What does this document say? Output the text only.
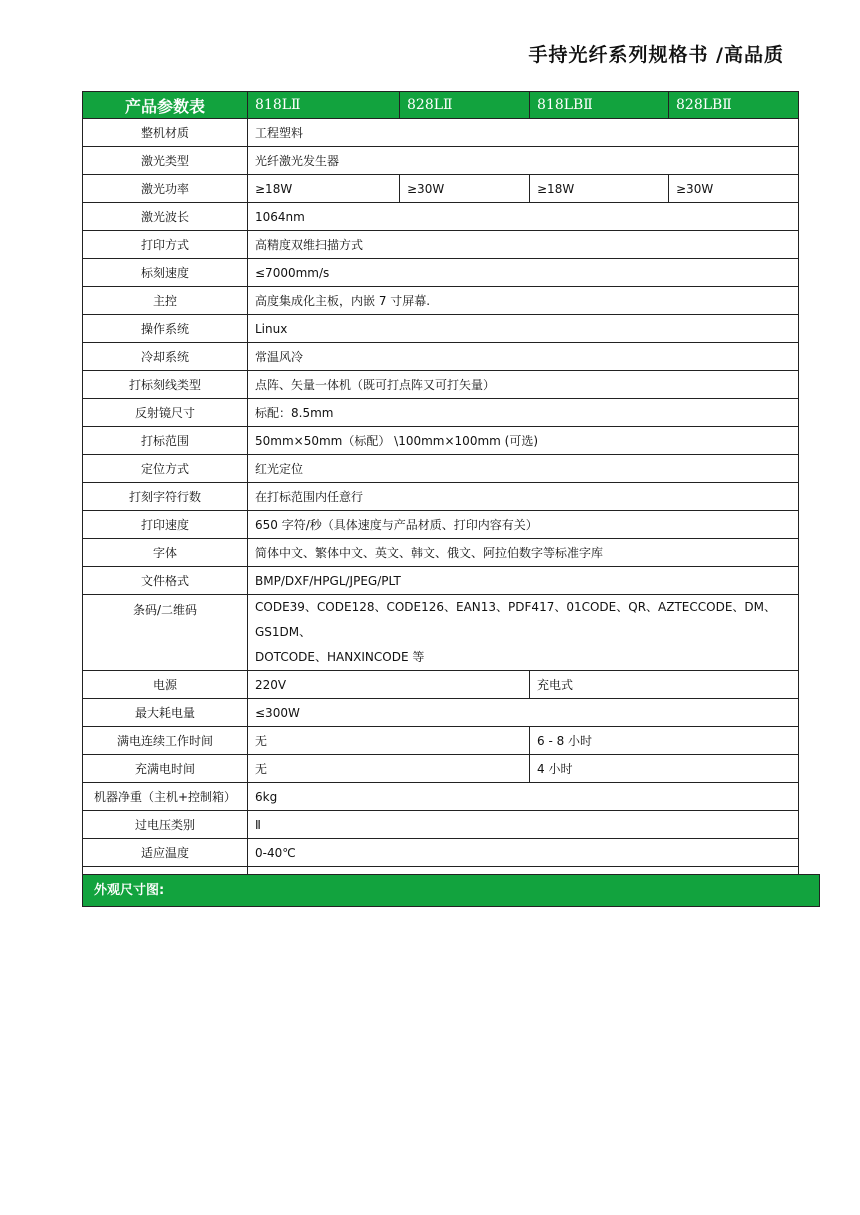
手持光纤系列规格书 /高品质
产品参数表	818LⅡ	828LⅡ	818LBⅡ	828LBⅡ
整机材质	工程塑料			
激光类型	光纤激光发生器			
激光功率	≥18W	≥30W	≥18W	≥30W
激光波长	1064nm			
打印方式	高精度双维扫描方式			
标刻速度	≤7000mm/s			
主控	高度集成化主板，内嵌 7 寸屏幕.			
操作系统	Linux			
冷却系统	常温风冷			
打标刻线类型	点阵、矢量一体机（既可打点阵又可打矢量）			
反射镜尺寸	标配：8.5mm			
打标范围	50mm×50mm（标配） \100mm×100mm (可选)			
定位方式	红光定位			
打刻字符行数	在打标范围内任意行			
打印速度	650 字符/秒（具体速度与产品材质、打印内容有关）			
字体	简体中文、繁体中文、英文、韩文、俄文、阿拉伯数字等标准字库			
文件格式	BMP/DXF/HPGL/JPEG/PLT			
条码/二维码	CODE39、CODE128、CODE126、EAN13、PDF417、01CODE、QR、AZTECCODE、DM、GS1DM、
DOTCODE、HANXINCODE 等			

电源	220V		充电式	
最大耗电量	≤300W			
满电连续工作时间	无		6 - 8 小时	
充满电时间	无		4 小时	
机器净重（主机+控制箱）	6kg			
过电压类别	Ⅱ			
适应温度	0-40℃			

外观尺寸图:
